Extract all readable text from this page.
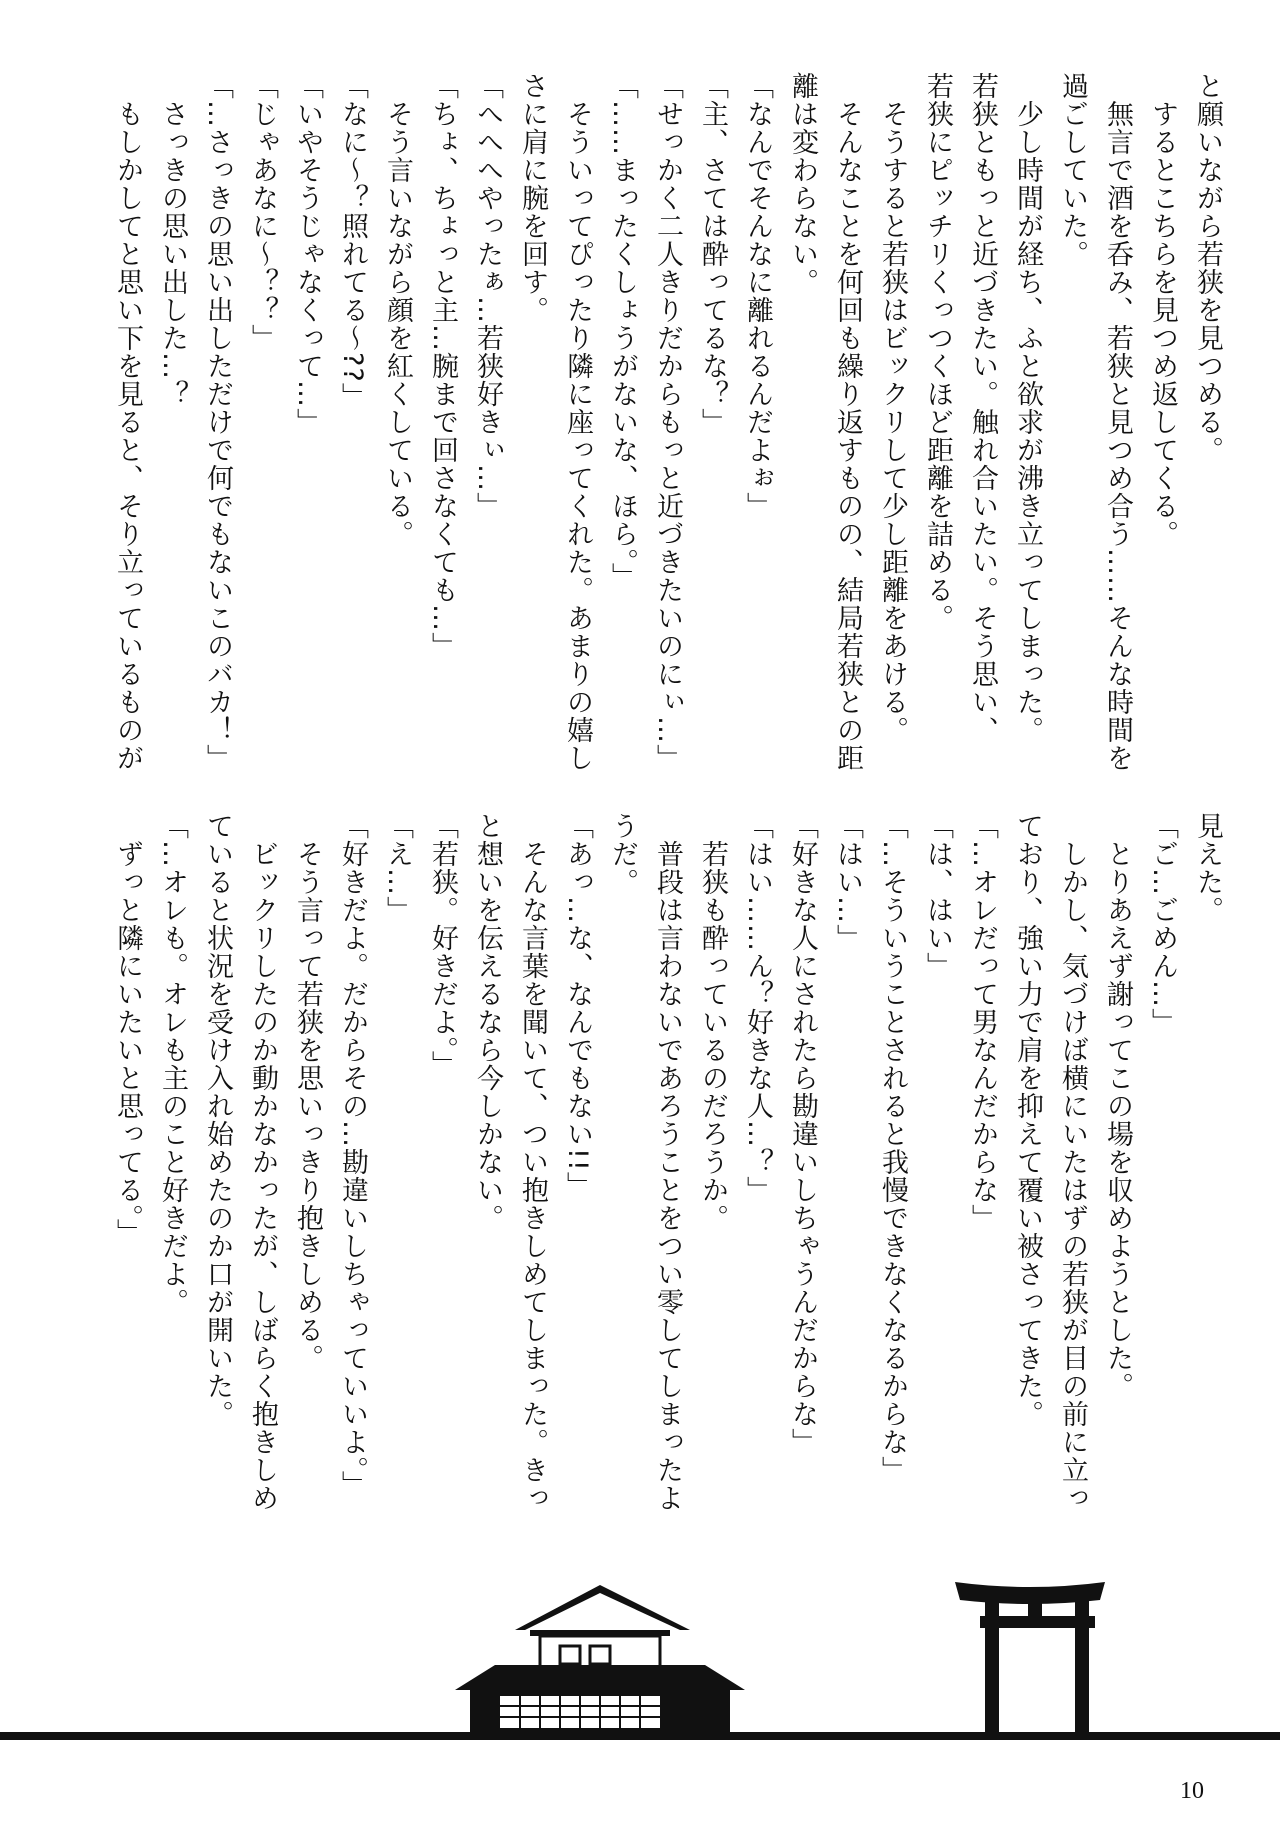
と願いながら若狭を見つめる。
　するとこちらを見つめ返してくる。
　無言で酒を呑み、若狭と見つめ合う……そんな時間を
過ごしていた。
　少し時間が経ち、ふと欲求が沸き立ってしまった。
若狭ともっと近づきたい。触れ合いたい。そう思い、
若狭にピッチリくっつくほど距離を詰める。
　そうすると若狭はビックリして少し距離をあける。
　そんなことを何回も繰り返すものの、結局若狭との距
離は変わらない。
「なんでそんなに離れるんだよぉ」
「主、さては酔ってるな？」
「せっかく二人きりだからもっと近づきたいのにぃ…」
「……まったくしょうがないな、ほら。」
　そういってぴったり隣に座ってくれた。あまりの嬉し
さに肩に腕を回す。
「へへへやったぁ…若狭好きぃ…」
「ちょ、ちょっと主…腕まで回さなくても…」
　そう言いながら顔を紅くしている。
「なに～？照れてる～??」
「いやそうじゃなくって…」
「じゃあなに～？？」
「…さっきの思い出しただけで何でもないこのバカ！」
　さっきの思い出した…？
　もしかしてと思い下を見ると、そり立っているものが
見えた。
「ご…ごめん…」
　とりあえず謝ってこの場を収めようとした。
　しかし、気づけば横にいたはずの若狭が目の前に立っ
ており、強い力で肩を抑えて覆い被さってきた。
「…オレだって男なんだからな」
「は、はい」
「…そういうことされると我慢できなくなるからな」
「はい…」
「好きな人にされたら勘違いしちゃうんだからな」
「はい……ん？好きな人…？」
　若狭も酔っているのだろうか。
　普段は言わないであろうことをつい零してしまったよ
うだ。
「あっ…な、なんでもない!!」
　そんな言葉を聞いて、つい抱きしめてしまった。きっ
と想いを伝えるなら今しかない。
「若狭。好きだよ。」
「え…」
「好きだよ。だからその…勘違いしちゃっていいよ。」
　そう言って若狭を思いっきり抱きしめる。
　ビックリしたのか動かなかったが、しばらく抱きしめ
ていると状況を受け入れ始めたのか口が開いた。
「…オレも。オレも主のこと好きだよ。
　ずっと隣にいたいと思ってる。」
10
